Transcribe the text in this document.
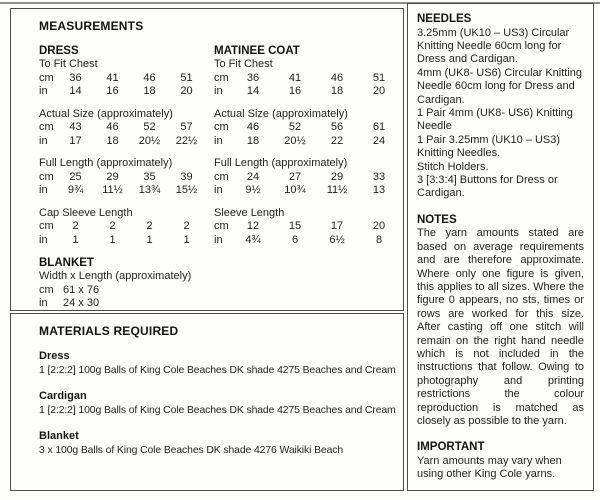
MEASUREMENTS
DRESS
To Fit Chest
cm 36 41 46 51
in 14 16 18 20
Actual Size (approximately)
cm 43 46 52 57
in 17 18 20½ 22½
Full Length (approximately)
cm 25 29 35 39
in 9¾ 11½ 13¾ 15½
Cap Sleeve Length
cm 2	2	2	2
in 1	1	1	1
BLANKET
Width x Length (approximately)
cm 61 x 76
in 24 x 30
MATINEE COAT
To Fit Chest
cm 36	41	46	51
in 14	16	18	20
Actual Size (approximately)
cm 46	52	56	61
in 18 20½ 22	24
Full Length (approximately)
cm 24	27	29	33
in 9½ 10¾ 11½ 13
Sleeve Length
cm 12	15	17	20
in 4¾	6	6½	8
MATERIALS REQUIRED
Dress
1 [2:2:2] 100g Balls of King Cole Beaches DK shade 4275 Beaches and Cream
Cardigan
1 [2:2:2] 100g Balls of King Cole Beaches DK shade 4275 Beaches and Cream
Blanket
3 x 100g Balls of King Cole Beaches DK shade 4276 Waikiki Beach
NEEDLES
3.25mm (UK10 – US3) Circular Knitting Needle 60cm long for Dress and Cardigan.
4mm (UK8- US6) Circular Knitting Needle 60cm long for Dress and Cardigan.
1 Pair 4mm (UK8- US6) Knitting Needle
1 Pair 3.25mm (UK10 – US3) Knitting Needles.
Stitch Holders.
3 [3:3:4] Buttons for Dress or Cardigan.
NOTES
The yarn amounts stated are based on average requirements and are therefore approximate. Where only one figure is given, this applies to all sizes. Where the figure 0 appears, no sts, times or rows are worked for this size. After casting off one stitch will remain on the right hand needle which is not included in the instructions that follow. Owing to photography and printing restrictions the colour reproduction is matched as closely as possible to the yarn.
IMPORTANT
Yarn amounts may vary when using other King Cole yarns.
